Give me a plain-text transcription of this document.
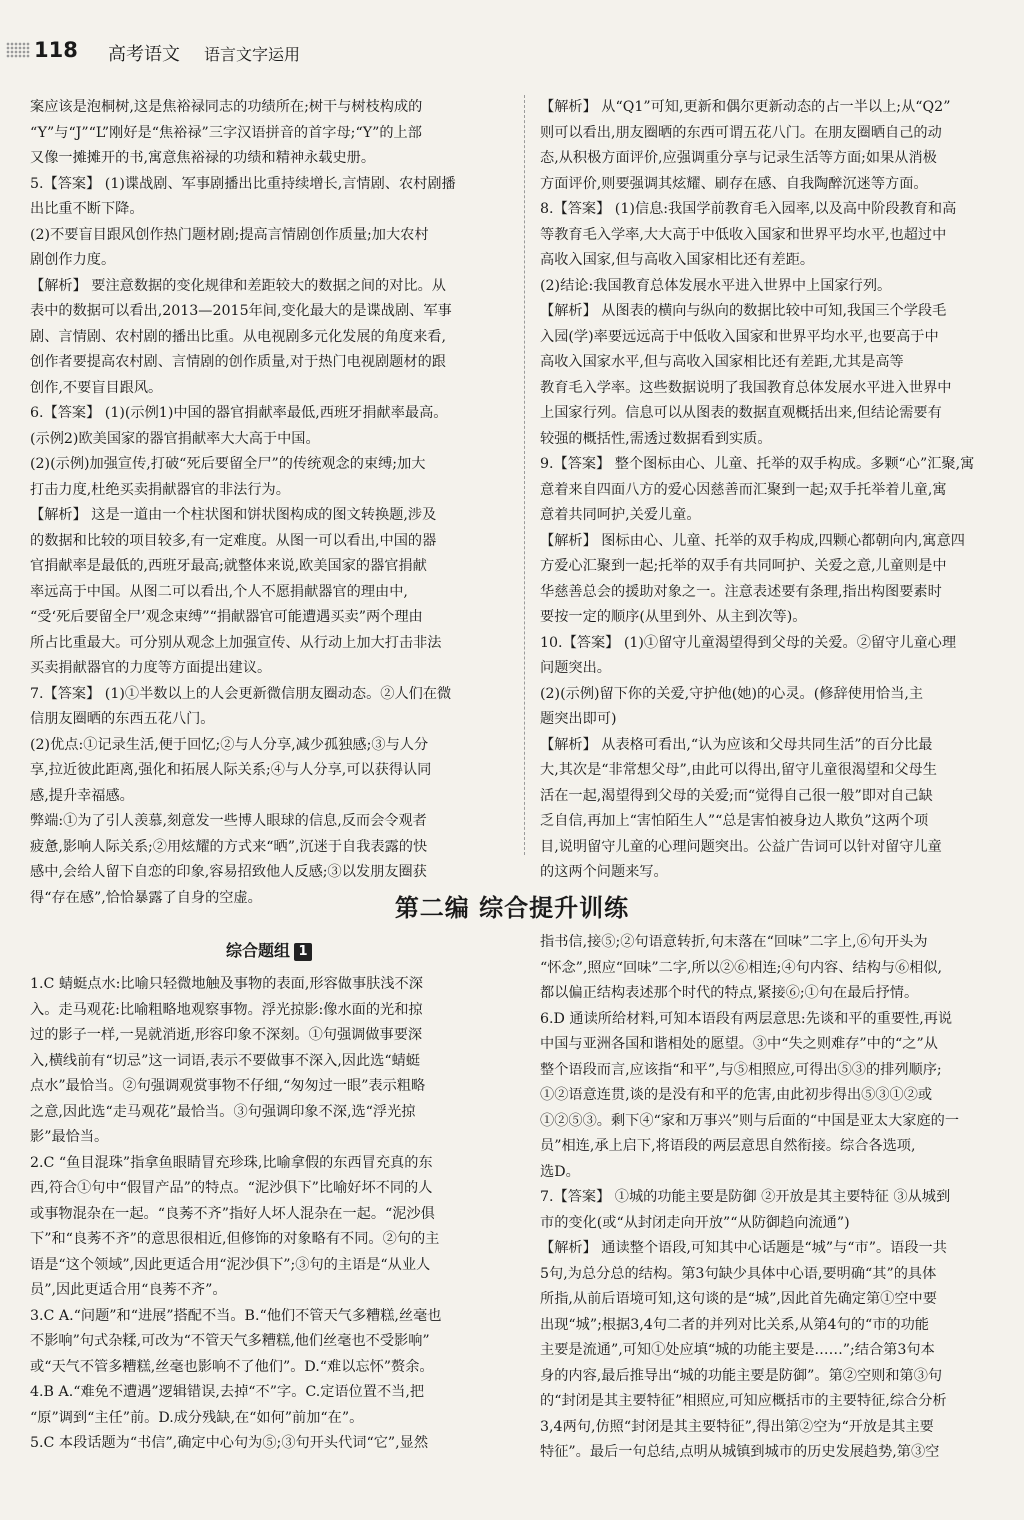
118 高考语文 语言文字运用

案应该是泡桐树,这是焦裕禄同志的功绩所在;树干与树枝构成的

“Y”与“J”“L”刚好是“焦裕禄”三字汉语拼音的首字母;“Y”的上部

又像一摊摊开的书,寓意焦裕禄的功绩和精神永载史册。

5.【答案】 (1)谍战剧、军事剧播出比重持续增长,言情剧、农村剧播

出比重不断下降。

(2)不要盲目跟风创作热门题材剧;提高言情剧创作质量;加大农村

剧创作力度。

【解析】 要注意数据的变化规律和差距较大的数据之间的对比。从

表中的数据可以看出,2013—2015年间,变化最大的是谍战剧、军事

剧、言情剧、农村剧的播出比重。从电视剧多元化发展的角度来看,

创作者要提高农村剧、言情剧的创作质量,对于热门电视剧题材的跟

创作,不要盲目跟风。

6.【答案】 (1)(示例1)中国的器官捐献率最低,西班牙捐献率最高。

(示例2)欧美国家的器官捐献率大大高于中国。

(2)(示例)加强宣传,打破“死后要留全尸”的传统观念的束缚;加大

打击力度,杜绝买卖捐献器官的非法行为。

【解析】 这是一道由一个柱状图和饼状图构成的图文转换题,涉及

的数据和比较的项目较多,有一定难度。从图一可以看出,中国的器

官捐献率是最低的,西班牙最高;就整体来说,欧美国家的器官捐献

率远高于中国。从图二可以看出,个人不愿捐献器官的理由中,

“受‘死后要留全尸’观念束缚”“捐献器官可能遭遇买卖”两个理由

所占比重最大。可分别从观念上加强宣传、从行动上加大打击非法

买卖捐献器官的力度等方面提出建议。

7.【答案】 (1)①半数以上的人会更新微信朋友圈动态。②人们在微

信朋友圈晒的东西五花八门。

(2)优点:①记录生活,便于回忆;②与人分享,减少孤独感;③与人分

享,拉近彼此距离,强化和拓展人际关系;④与人分享,可以获得认同

感,提升幸福感。

弊端:①为了引人羡慕,刻意发一些博人眼球的信息,反而会令观者

疲惫,影响人际关系;②用炫耀的方式来“晒”,沉迷于自我表露的快

感中,会给人留下自恋的印象,容易招致他人反感;③以发朋友圈获

得“存在感”,恰恰暴露了自身的空虚。

【解析】 从“Q1”可知,更新和偶尔更新动态的占一半以上;从“Q2”

则可以看出,朋友圈晒的东西可谓五花八门。在朋友圈晒自己的动

态,从积极方面评价,应强调重分享与记录生活等方面;如果从消极

方面评价,则要强调其炫耀、刷存在感、自我陶醉沉迷等方面。

8.【答案】 (1)信息:我国学前教育毛入园率,以及高中阶段教育和高

等教育毛入学率,大大高于中低收入国家和世界平均水平,也超过中

高收入国家,但与高收入国家相比还有差距。

(2)结论:我国教育总体发展水平进入世界中上国家行列。

【解析】 从图表的横向与纵向的数据比较中可知,我国三个学段毛

入园(学)率要远远高于中低收入国家和世界平均水平,也要高于中

高收入国家水平,但与高收入国家相比还有差距,尤其是高等

教育毛入学率。这些数据说明了我国教育总体发展水平进入世界中

上国家行列。信息可以从图表的数据直观概括出来,但结论需要有

较强的概括性,需透过数据看到实质。

9.【答案】 整个图标由心、儿童、托举的双手构成。多颗“心”汇聚,寓

意着来自四面八方的爱心因慈善而汇聚到一起;双手托举着儿童,寓

意着共同呵护,关爱儿童。

【解析】 图标由心、儿童、托举的双手构成,四颗心都朝向内,寓意四

方爱心汇聚到一起;托举的双手有共同呵护、关爱之意,儿童则是中

华慈善总会的援助对象之一。注意表述要有条理,指出构图要素时

要按一定的顺序(从里到外、从主到次等)。

10.【答案】 (1)①留守儿童渴望得到父母的关爱。②留守儿童心理

问题突出。

(2)(示例)留下你的关爱,守护他(她)的心灵。(修辞使用恰当,主

题突出即可)

【解析】 从表格可看出,“认为应该和父母共同生活”的百分比最

大,其次是“非常想父母”,由此可以得出,留守儿童很渴望和父母生

活在一起,渴望得到父母的关爱;而“觉得自己很一般”即对自己缺

乏自信,再加上“害怕陌生人”“总是害怕被身边人欺负”这两个项

目,说明留守儿童的心理问题突出。公益广告词可以针对留守儿童

的这两个问题来写。

第二编 综合提升训练
综合题组 1

1.C 蜻蜓点水:比喻只轻微地触及事物的表面,形容做事肤浅不深

入。走马观花:比喻粗略地观察事物。浮光掠影:像水面的光和掠

过的影子一样,一晃就消逝,形容印象不深刻。①句强调做事要深

入,横线前有“切忌”这一词语,表示不要做事不深入,因此选“蜻蜓

点水”最恰当。②句强调观赏事物不仔细,“匆匆过一眼”表示粗略

之意,因此选“走马观花”最恰当。③句强调印象不深,选“浮光掠

影”最恰当。

2.C “鱼目混珠”指拿鱼眼睛冒充珍珠,比喻拿假的东西冒充真的东

西,符合①句中“假冒产品”的特点。“泥沙俱下”比喻好坏不同的人

或事物混杂在一起。“良莠不齐”指好人坏人混杂在一起。“泥沙俱

下”和“良莠不齐”的意思很相近,但修饰的对象略有不同。②句的主

语是“这个领域”,因此更适合用“泥沙俱下”;③句的主语是“从业人

员”,因此更适合用“良莠不齐”。

3.C A.“问题”和“进展”搭配不当。B.“他们不管天气多糟糕,丝毫也

不影响”句式杂糅,可改为“不管天气多糟糕,他们丝毫也不受影响”

或“天气不管多糟糕,丝毫也影响不了他们”。D.“难以忘怀”赘余。

4.B A.“难免不遭遇”逻辑错误,去掉“不”字。C.定语位置不当,把

“原”调到“主任”前。D.成分残缺,在“如何”前加“在”。

5.C 本段话题为“书信”,确定中心句为⑤;③句开头代词“它”,显然

指书信,接⑤;②句语意转折,句末落在“回味”二字上,⑥句开头为

“怀念”,照应“回味”二字,所以②⑥相连;④句内容、结构与⑥相似,

都以偏正结构表述那个时代的特点,紧接⑥;①句在最后抒情。

6.D 通读所给材料,可知本语段有两层意思:先谈和平的重要性,再说

中国与亚洲各国和谐相处的愿望。③中“失之则难存”中的“之”从

整个语段而言,应该指“和平”,与⑤相照应,可得出⑤③的排列顺序;

①②语意连贯,谈的是没有和平的危害,由此初步得出⑤③①②或

①②⑤③。剩下④“家和万事兴”则与后面的“中国是亚太大家庭的一

员”相连,承上启下,将语段的两层意思自然衔接。综合各选项,

选D。

7.【答案】 ①城的功能主要是防御 ②开放是其主要特征 ③从城到

市的变化(或“从封闭走向开放”“从防御趋向流通”)

【解析】 通读整个语段,可知其中心话题是“城”与“市”。语段一共

5句,为总分总的结构。第3句缺少具体中心语,要明确“其”的具体

所指,从前后语境可知,这句谈的是“城”,因此首先确定第①空中要

出现“城”;根据3,4句二者的并列对比关系,从第4句的“市的功能

主要是流通”,可知①处应填“城的功能主要是……”;结合第3句本

身的内容,最后推导出“城的功能主要是防御”。第②空则和第③句

的“封闭是其主要特征”相照应,可知应概括市的主要特征,综合分析

3,4两句,仿照“封闭是其主要特征”,得出第②空为“开放是其主要

特征”。最后一句总结,点明从城镇到城市的历史发展趋势,第③空
